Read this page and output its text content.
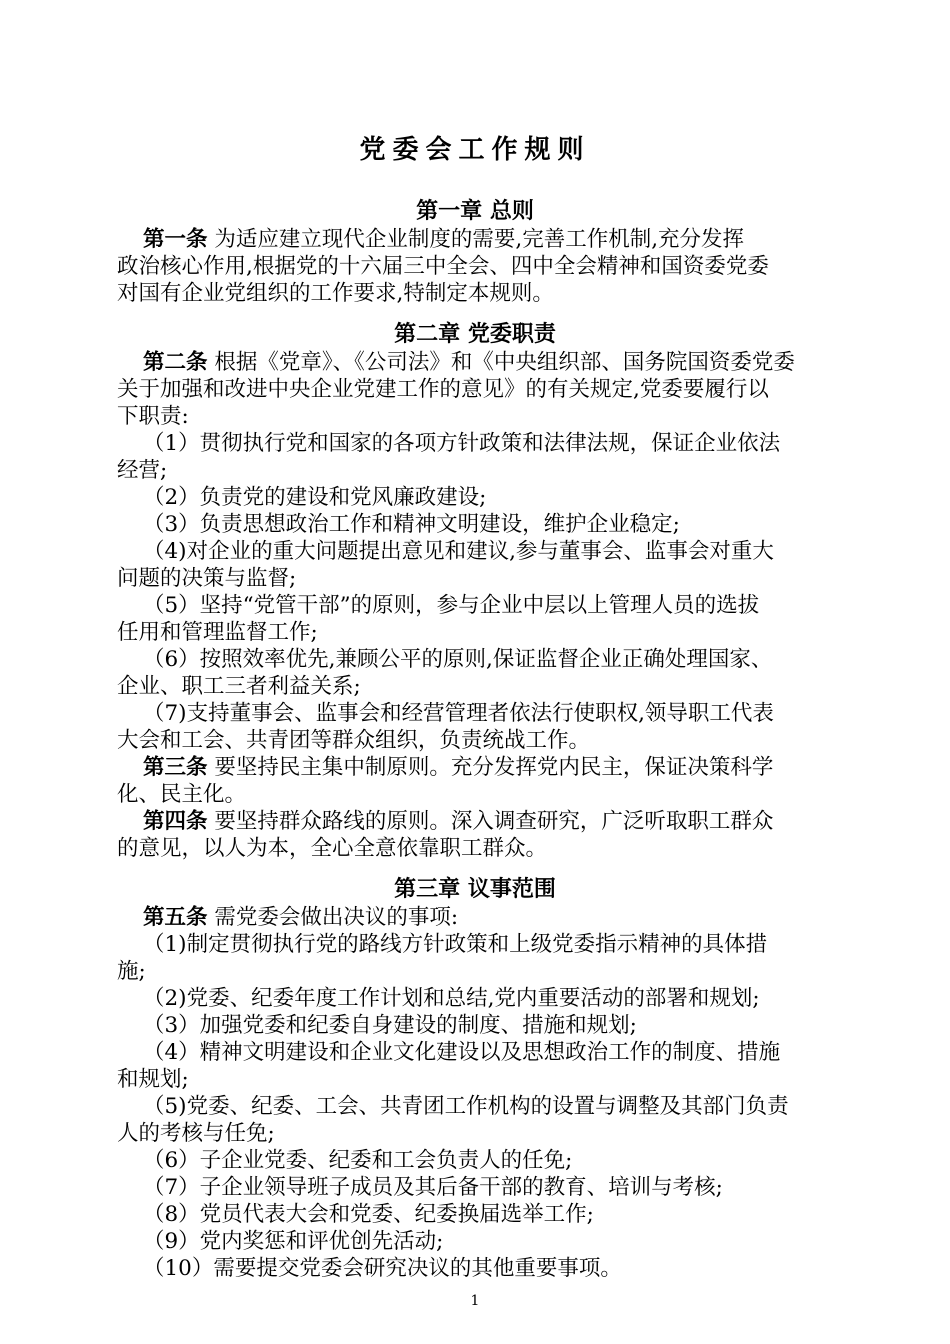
党委会工作规则
第一章 总则
第一条 为适应建立现代企业制度的需要,完善工作机制,充分发挥
政治核心作用,根据党的十六届三中全会、四中全会精神和国资委党委
对国有企业党组织的工作要求,特制定本规则。
第二章 党委职责
第二条 根据《党章》、《公司法》和《中央组织部、国务院国资委党委
关于加强和改进中央企业党建工作的意见》的有关规定,党委要履行以
下职责:
（1）贯彻执行党和国家的各项方针政策和法律法规，保证企业依法
经营;
（2）负责党的建设和党风廉政建设;
（3）负责思想政治工作和精神文明建设，维护企业稳定;
（4)对企业的重大问题提出意见和建议,参与董事会、监事会对重大
问题的决策与监督;
（5）坚持“党管干部”的原则，参与企业中层以上管理人员的选拔
任用和管理监督工作;
（6）按照效率优先,兼顾公平的原则,保证监督企业正确处理国家、
企业、职工三者利益关系;
（7)支持董事会、监事会和经营管理者依法行使职权,领导职工代表
大会和工会、共青团等群众组织，负责统战工作。
第三条 要坚持民主集中制原则。充分发挥党内民主，保证决策科学
化、民主化。
第四条 要坚持群众路线的原则。深入调查研究，广泛听取职工群众
的意见，以人为本，全心全意依靠职工群众。
第三章 议事范围
第五条 需党委会做出决议的事项:
（1)制定贯彻执行党的路线方针政策和上级党委指示精神的具体措
施;
（2)党委、纪委年度工作计划和总结,党内重要活动的部署和规划;
（3）加强党委和纪委自身建设的制度、措施和规划;
（4）精神文明建设和企业文化建设以及思想政治工作的制度、措施
和规划;
（5)党委、纪委、工会、共青团工作机构的设置与调整及其部门负责
人的考核与任免;
（6）子企业党委、纪委和工会负责人的任免;
（7）子企业领导班子成员及其后备干部的教育、培训与考核;
（8）党员代表大会和党委、纪委换届选举工作;
（9）党内奖惩和评优创先活动;
（10）需要提交党委会研究决议的其他重要事项。
1
